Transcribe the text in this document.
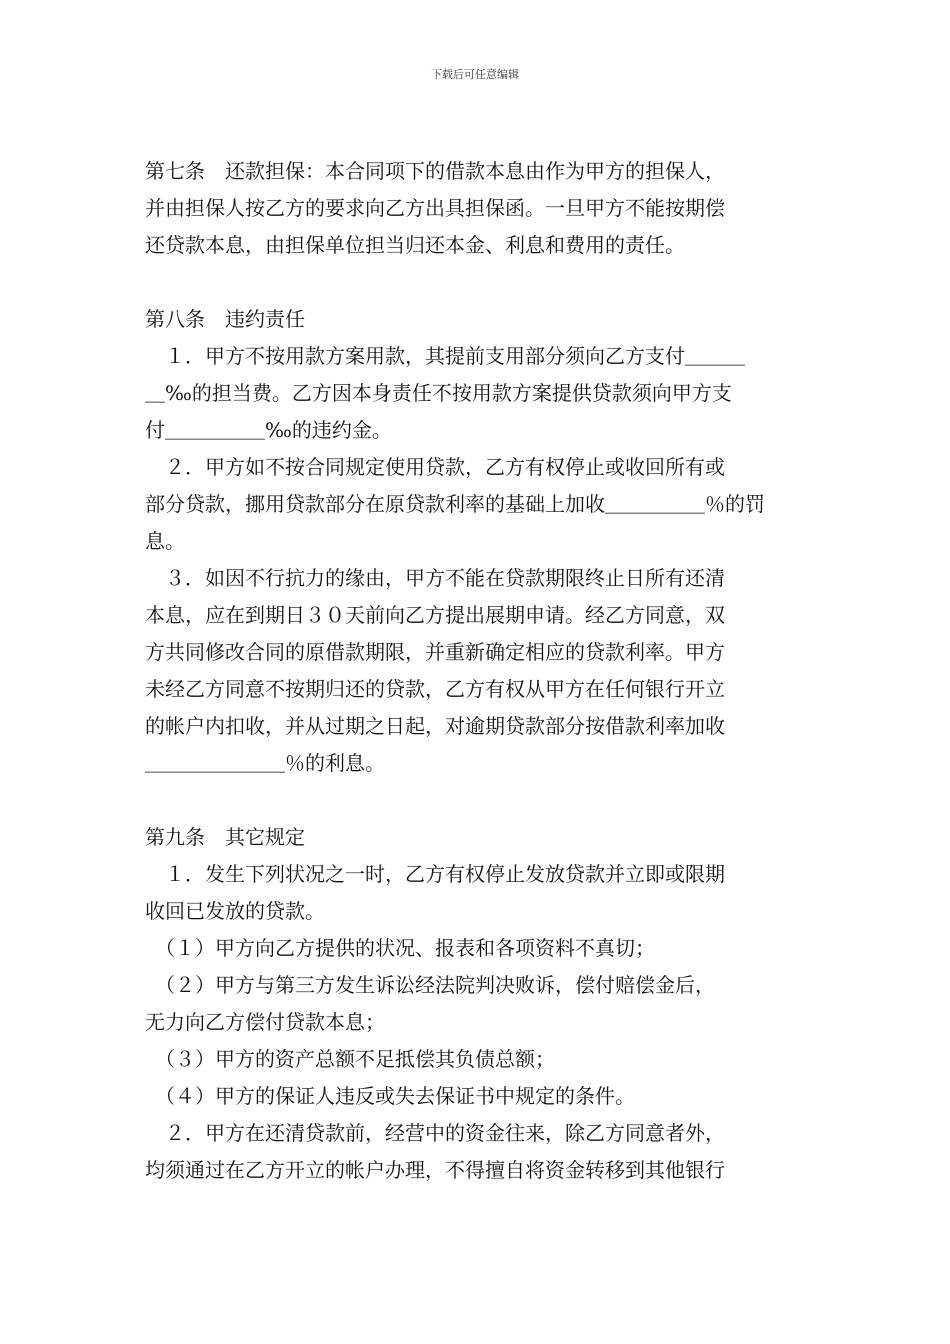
下载后可任意编辑
第七条　还款担保：本合同项下的借款本息由作为甲方的担保人，
并由担保人按乙方的要求向乙方出具担保函。一旦甲方不能按期偿
还贷款本息，由担保单位担当归还本金、利息和费用的责任。
第八条　违约责任
　１．甲方不按用款方案用款，其提前支用部分须向乙方支付＿＿＿
＿‰的担当费。乙方因本身责任不按用款方案提供贷款须向甲方支
付＿＿＿＿＿‰的违约金。
　２．甲方如不按合同规定使用贷款，乙方有权停止或收回所有或
部分贷款，挪用贷款部分在原贷款利率的基础上加收＿＿＿＿＿％的罚
息。
　３．如因不行抗力的缘由，甲方不能在贷款期限终止日所有还清
本息，应在到期日３０天前向乙方提出展期申请。经乙方同意，双
方共同修改合同的原借款期限，并重新确定相应的贷款利率。甲方
未经乙方同意不按期归还的贷款，乙方有权从甲方在任何银行开立
的帐户内扣收，并从过期之日起，对逾期贷款部分按借款利率加收
＿＿＿＿＿＿＿％的利息。
第九条　其它规定
　１．发生下列状况之一时，乙方有权停止发放贷款并立即或限期
收回已发放的贷款。
　（１）甲方向乙方提供的状况、报表和各项资料不真切；
　（２）甲方与第三方发生诉讼经法院判决败诉，偿付赔偿金后，
无力向乙方偿付贷款本息；
　（３）甲方的资产总额不足抵偿其负债总额；
　（４）甲方的保证人违反或失去保证书中规定的条件。
　２．甲方在还清贷款前，经营中的资金往来，除乙方同意者外，
均须通过在乙方开立的帐户办理，不得擅自将资金转移到其他银行
